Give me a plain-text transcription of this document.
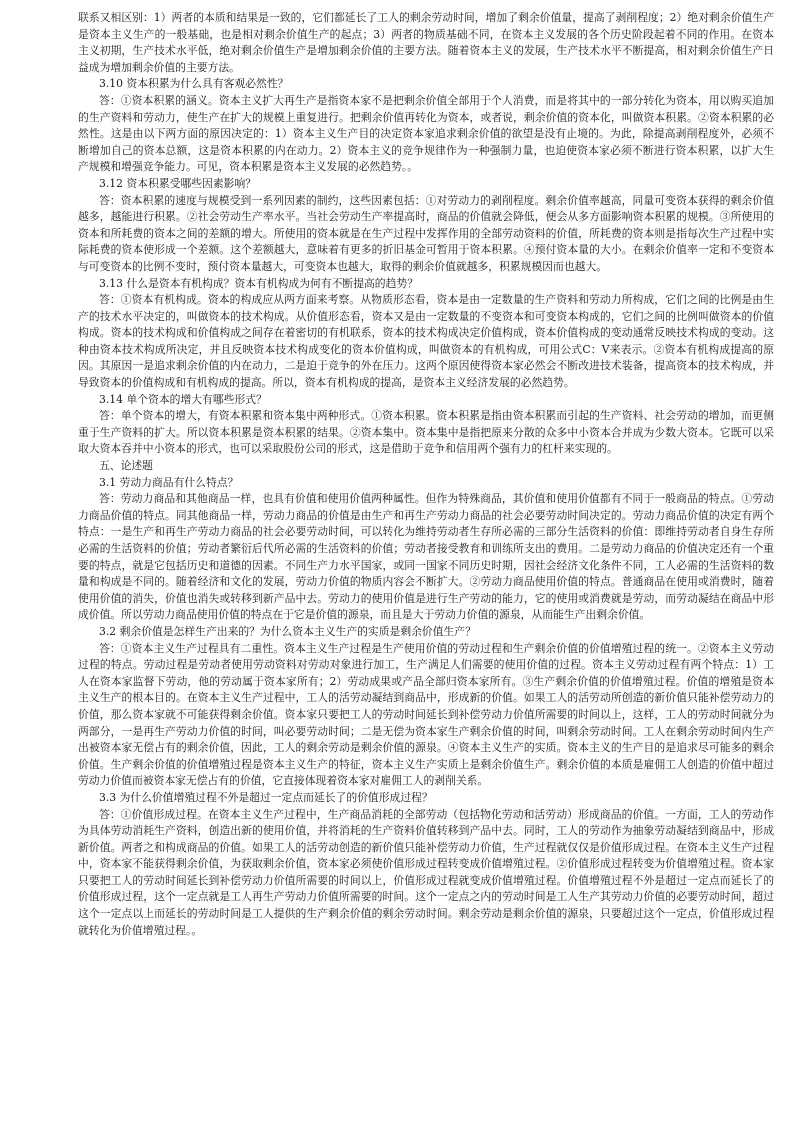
联系又相区别：1）两者的本质和结果是一致的，它们都延长了工人的剩余劳动时间，增加了剩余价值量，提高了剥削程度；2）绝对剩余价值生产是资本主义生产的一般基础，也是相对剩余价值生产的起点；3）两者的物质基础不同，在资本主义发展的各个历史阶段起着不同的作用。在资本主义初期，生产技术水平低，绝对剩余价值生产是增加剩余价值的主要方法。随着资本主义的发展，生产技术水平不断提高，相对剩余价值生产日益成为增加剩余价值的主要方法。

3.10 资本积累为什么具有客观必然性？

答：①资本积累的涵义。资本主义扩大再生产是指资本家不是把剩余价值全部用于个人消费，而是将其中的一部分转化为资本，用以购买追加的生产资料和劳动力，使生产在扩大的规模上重复进行。把剩余价值再转化为资本，或者说，剩余价值的资本化，叫做资本积累。②资本积累的必然性。这是由以下两方面的原因决定的：1）资本主义生产目的决定资本家追求剩余价值的欲望是没有止境的。为此，除提高剥削程度外，必须不断增加自己的资本总额，这是资本积累的内在动力。2）资本主义的竞争规律作为一种强制力量，也迫使资本家必须不断进行资本积累，以扩大生产规模和增强竞争能力。可见，资本积累是资本主义发展的必然趋势。。

3.12 资本积累受哪些因素影响？

答：资本积累的速度与规模受到一系列因素的制约，这些因素包括：①对劳动力的剥削程度。剩余价值率越高，同量可变资本获得的剩余价值越多，越能进行积累。②社会劳动生产率水平。当社会劳动生产率提高时，商品的价值就会降低，便会从多方面影响资本积累的规模。③所使用的资本和所耗费的资本之间的差额的增大。所使用的资本就是在生产过程中发挥作用的全部劳动资料的价值，所耗费的资本则是指每次生产过程中实际耗费的资本使形成一个差额。这个差额越大，意味着有更多的折旧基金可暂用于资本积累。④预付资本量的大小。在剩余价值率一定和不变资本与可变资本的比例不变时，预付资本量越大，可变资本也越大，取得的剩余价值就越多，积累规模因而也越大。

3.13 什么是资本有机构成？资本有机构成为何有不断提高的趋势？

答：①资本有机构成。资本的构成应从两方面来考察。从物质形态看，资本是由一定数量的生产资料和劳动力所构成，它们之间的比例是由生产的技术水平决定的，叫做资本的技术构成。从价值形态看，资本又是由一定数量的不变资本和可变资本构成的，它们之间的比例叫做资本的价值构成。资本的技术构成和价值构成之间存在着密切的有机联系，资本的技术构成决定价值构成，资本价值构成的变动通常反映技术构成的变动。这种由资本技术构成所决定，并且反映资本技术构成变化的资本价值构成，叫做资本的有机构成，可用公式C：V来表示。②资本有机构成提高的原因。其原因一是追求剩余价值的内在动力，二是迫于竞争的外在压力。这两个原因使得资本家必然会不断改进技术装备，提高资本的技术构成，并导致资本的价值构成和有机构成的提高。所以，资本有机构成的提高，是资本主义经济发展的必然趋势。

3.14 单个资本的增大有哪些形式？

答：单个资本的增大，有资本积累和资本集中两种形式。①资本积累。资本积累是指由资本积累而引起的生产资料、社会劳动的增加，而更侧重于生产资料的扩大。所以资本积累是资本积累的结果。②资本集中。资本集中是指把原来分散的众多中小资本合并成为少数大资本。它既可以采取大资本吞并中小资本的形式，也可以采取股份公司的形式，这是借助于竞争和信用两个强有力的杠杆来实现的。

五、论述题

3.1 劳动力商品有什么特点？

答：劳动力商品和其他商品一样，也具有价值和使用价值两种属性。但作为特殊商品，其价值和使用价值都有不同于一般商品的特点。①劳动力商品价值的特点。同其他商品一样，劳动力商品的价值是由生产和再生产劳动力商品的社会必要劳动时间决定的。劳动力商品价值的决定有两个特点：一是生产和再生产劳动力商品的社会必要劳动时间，可以转化为维持劳动者生存所必需的三部分生活资料的价值：即维持劳动者自身生存所必需的生活资料的价值；劳动者繁衍后代所必需的生活资料的价值；劳动者接受教育和训练所支出的费用。二是劳动力商品的价值决定还有一个重要的特点，就是它包括历史和道德的因素。不同生产力水平国家，或同一国家不同历史时期，因社会经济文化条件不同，工人必需的生活资料的数量和构成是不同的。随着经济和文化的发展，劳动力价值的物质内容会不断扩大。②劳动力商品使用价值的特点。普通商品在使用或消费时，随着使用价值的消失，价值也消失或转移到新产品中去。劳动力的使用价值是进行生产劳动的能力，它的使用或消费就是劳动，而劳动凝结在商品中形成价值。所以劳动力商品使用价值的特点在于它是价值的源泉，而且是大于劳动力价值的源泉，从而能生产出剩余价值。

3.2 剩余价值是怎样生产出来的？为什么资本主义生产的实质是剩余价值生产？

答：①资本主义生产过程具有二重性。资本主义生产过程是生产使用价值的劳动过程和生产剩余价值的价值增殖过程的统一。②资本主义劳动过程的特点。劳动过程是劳动者使用劳动资料对劳动对象进行加工，生产满足人们需要的使用价值的过程。资本主义劳动过程有两个特点：1）工人在资本家监督下劳动，他的劳动属于资本家所有；2）劳动成果或产品全部归资本家所有。③生产剩余价值的价值增殖过程。价值的增殖是资本主义生产的根本目的。在资本主义生产过程中，工人的活劳动凝结到商品中，形成新的价值。如果工人的活劳动所创造的新价值只能补偿劳动力的价值，那么资本家就不可能获得剩余价值。资本家只要把工人的劳动时间延长到补偿劳动力价值所需要的时间以上，这样，工人的劳动时间就分为两部分，一是再生产劳动力价值的时间，叫必要劳动时间；二是无偿为资本家生产剩余价值的时间，叫剩余劳动时间。工人在剩余劳动时间内生产出被资本家无偿占有的剩余价值，因此，工人的剩余劳动是剩余价值的源泉。④资本主义生产的实质。资本主义的生产目的是追求尽可能多的剩余价值。生产剩余价值的价值增殖过程是资本主义生产的特征，资本主义生产实质上是剩余价值生产。剩余价值的本质是雇佣工人创造的价值中超过劳动力价值而被资本家无偿占有的价值，它直接体现着资本家对雇佣工人的剥削关系。

3.3 为什么价值增殖过程不外是超过一定点而延长了的价值形成过程？

答：①价值形成过程。在资本主义生产过程中，生产商品消耗的全部劳动（包括物化劳动和活劳动）形成商品的价值。一方面，工人的劳动作为具体劳动消耗生产资料，创造出新的使用价值，并将消耗的生产资料价值转移到产品中去。同时，工人的劳动作为抽象劳动凝结到商品中，形成新价值。两者之和构成商品的价值。如果工人的活劳动创造的新价值只能补偿劳动力价值，生产过程就仅仅是价值形成过程。在资本主义生产过程中，资本家不能获得剩余价值，为获取剩余价值，资本家必须使价值形成过程转变成价值增殖过程。②价值形成过程转变为价值增殖过程。资本家只要把工人的劳动时间延长到补偿劳动力价值所需要的时间以上，价值形成过程就变成价值增殖过程。价值增殖过程不外是超过一定点而延长了的价值形成过程，这个一定点就是工人再生产劳动力价值所需要的时间。这个一定点之内的劳动时间是工人生产其劳动力价值的必要劳动时间，超过这个一定点以上而延长的劳动时间是工人提供的生产剩余价值的剩余劳动时间。剩余劳动是剩余价值的源泉，只要超过这个一定点，价值形成过程就转化为价值增殖过程。。
